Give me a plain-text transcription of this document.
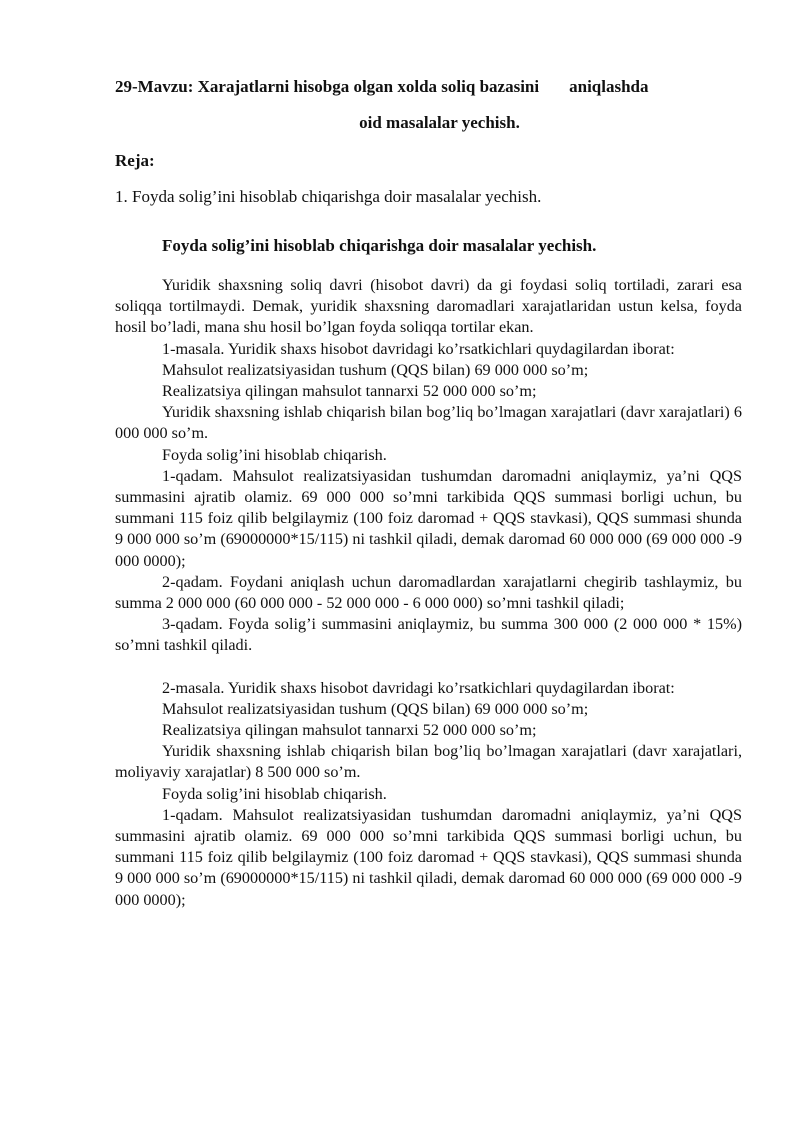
29-Mavzu: Xarajatlarni hisobga olgan xolda soliq bazasini aniqlashda
oid masalalar yechish.
Reja:
1. Foyda solig’ini hisoblab chiqarishga doir masalalar yechish.
Foyda solig’ini hisoblab chiqarishga doir masalalar yechish.

Yuridik shaxsning soliq davri (hisobot davri) da gi foydasi soliq tortiladi, zarari esa soliqqa tortilmaydi. Demak, yuridik shaxsning daromadlari xarajatlaridan ustun kelsa, foyda hosil bo’ladi, mana shu hosil bo’lgan foyda soliqqa tortilar ekan.

1-masala. Yuridik shaxs hisobot davridagi ko’rsatkichlari quydagilardan iborat:

Mahsulot realizatsiyasidan tushum (QQS bilan) 69 000 000 so’m;

Realizatsiya qilingan mahsulot tannarxi 52 000 000 so’m;

Yuridik shaxsning ishlab chiqarish bilan bog’liq bo’lmagan xarajatlari (davr xarajatlari) 6 000 000 so’m.

Foyda solig’ini hisoblab chiqarish.

1-qadam. Mahsulot realizatsiyasidan tushumdan daromadni aniqlaymiz, ya’ni QQS summasini ajratib olamiz. 69 000 000 so’mni tarkibida QQS summasi borligi uchun, bu summani 115 foiz qilib belgilaymiz (100 foiz daromad + QQS stavkasi), QQS summasi shunda 9 000 000 so’m (69000000*15/115) ni tashkil qiladi, demak daromad 60 000 000 (69 000 000 -9 000 0000);

2-qadam. Foydani aniqlash uchun daromadlardan xarajatlarni chegirib tashlaymiz, bu summa 2 000 000 (60 000 000 - 52 000 000 - 6 000 000) so’mni tashkil qiladi;

3-qadam. Foyda solig’i summasini aniqlaymiz, bu summa 300 000 (2 000 000 * 15%) so’mni tashkil qiladi.

2-masala. Yuridik shaxs hisobot davridagi ko’rsatkichlari quydagilardan iborat:

Mahsulot realizatsiyasidan tushum (QQS bilan) 69 000 000 so’m;

Realizatsiya qilingan mahsulot tannarxi 52 000 000 so’m;

Yuridik shaxsning ishlab chiqarish bilan bog’liq bo’lmagan xarajatlari (davr xarajatlari, moliyaviy xarajatlar) 8 500 000 so’m.

Foyda solig’ini hisoblab chiqarish.

1-qadam. Mahsulot realizatsiyasidan tushumdan daromadni aniqlaymiz, ya’ni QQS summasini ajratib olamiz. 69 000 000 so’mni tarkibida QQS summasi borligi uchun, bu summani 115 foiz qilib belgilaymiz (100 foiz daromad + QQS stavkasi), QQS summasi shunda 9 000 000 so’m (69000000*15/115) ni tashkil qiladi, demak daromad 60 000 000 (69 000 000 -9 000 0000);
